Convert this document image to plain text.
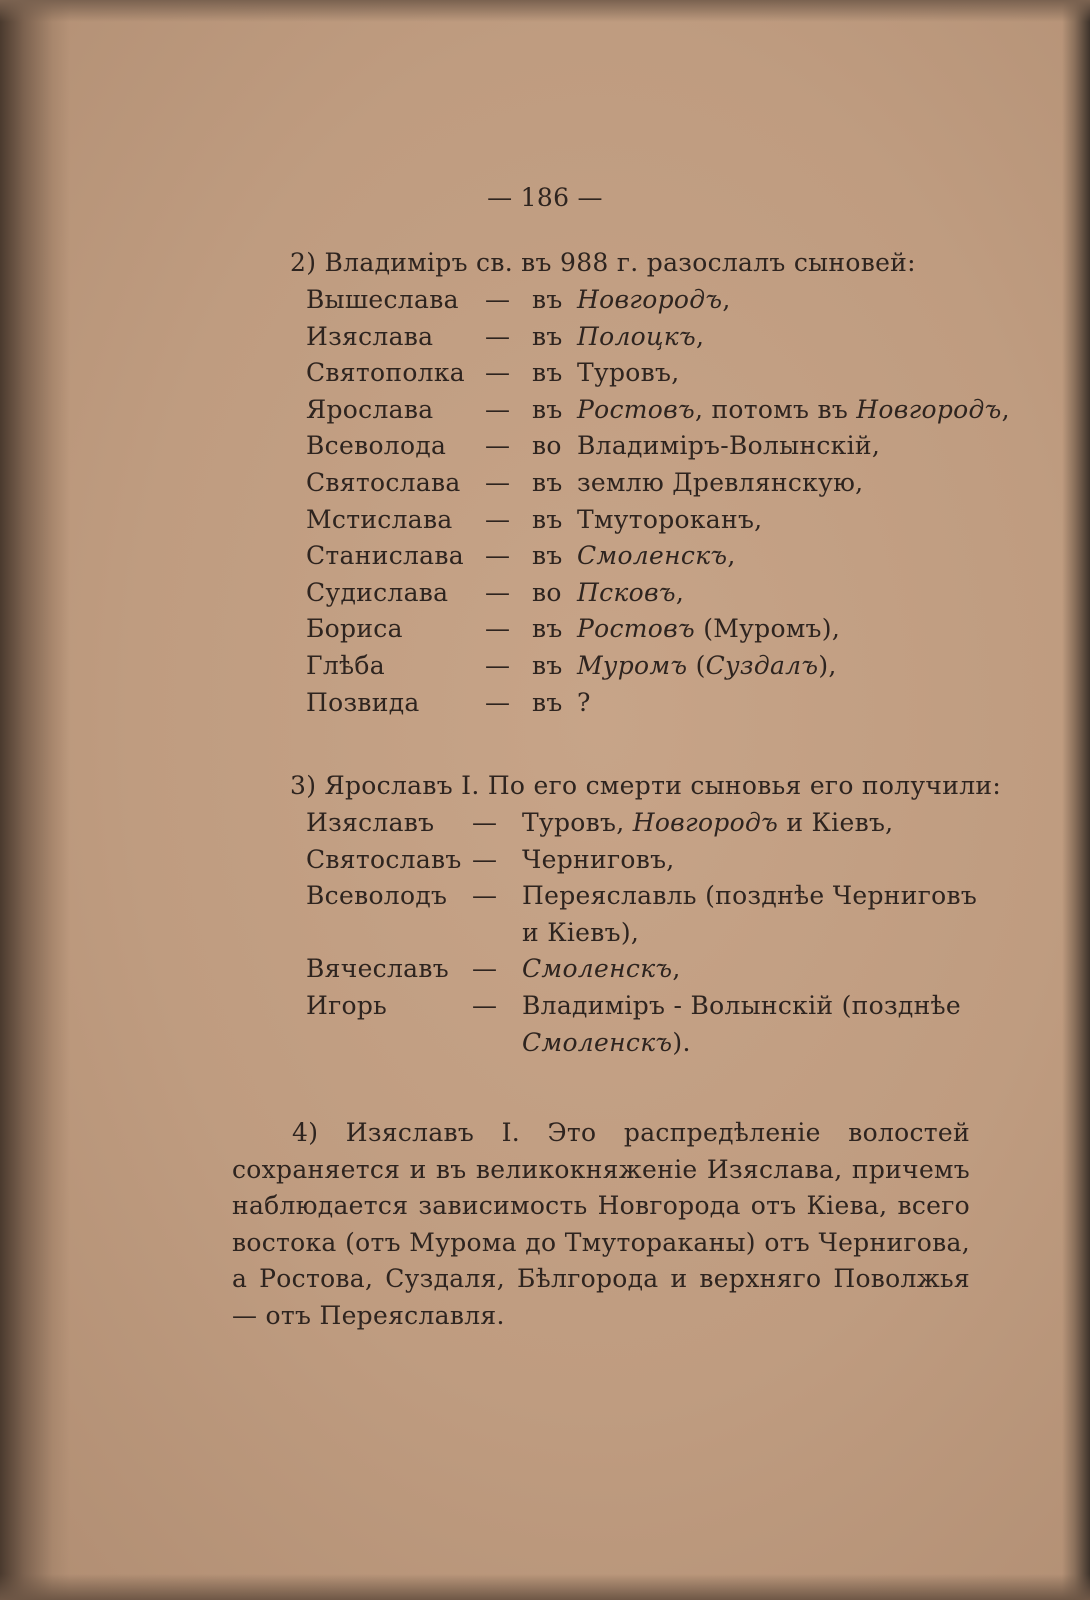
— 186 —
2) Владиміръ св. въ 988 г. разослалъ сыновей:
Вышеслава — въ Новгородъ,
Изяслава — въ Полоцкъ,
Святополка — въ Туровъ,
Ярослава — въ Ростовъ, потомъ въ Новгородъ,
Всеволода — во Владиміръ-Волынскій,
Святослава — въ землю Древлянскую,
Мстислава — въ Тмутороканъ,
Станислава — въ Смоленскъ,
Судислава — во Псковъ,
Бориса	— въ Ростовъ (Муромъ),
Глѣба	— въ Муромъ (Суздалъ),
Позвида	— въ ?
3) Ярославъ I. По его смерти сыновья его получили:
Изяславъ — Туровъ, Новгородъ и Кіевъ,
Святославъ — Черниговъ,
Всеволодъ — Переяславль (позднѣе Черниговъ
и Кіевъ),
Вячеславъ — Смоленскъ,
Игорь	— Владиміръ - Волынскій (позднѣе
Смоленскъ).
4) Изяславъ I. Это распредѣленіе волостей сохраняется и въ великокняженіе Изяслава, причемъ наблюдается зависимость Новгорода отъ Кіева, всего востока (отъ Мурома до Тмутораканы) отъ Чернигова, а Ростова, Суздаля, Бѣлгорода и верхняго Поволжья — отъ Переяславля.
